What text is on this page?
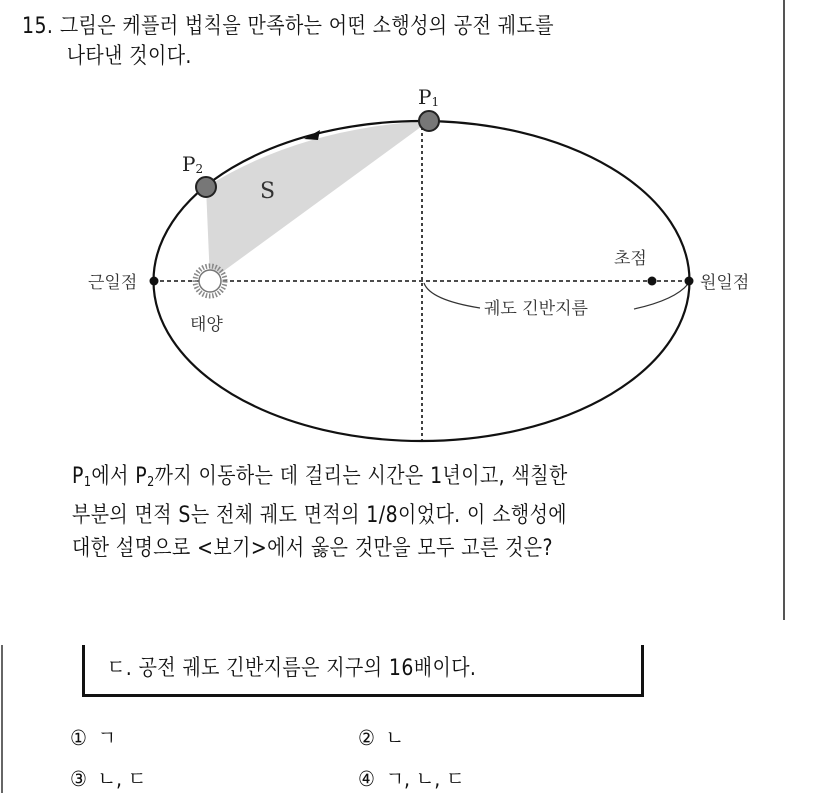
15. 그림은 케플러 법칙을 만족하는 어떤 소행성의 공전 궤도를
나타낸 것이다.
P1
P2
S
근일점	원일점
태양
초점
궤도 긴반지름
$P_1$에서 $P_2$까지 이동하는 데 걸리는 시간은 1년이고, 색칠한
부분의 면적 S는 전체 궤도 면적의 1/8이었다. 이 소행성에
대한 설명으로 <보기>에서 옳은 것만을 모두 고른 것은?
ㄷ. 공전 궤도 긴반지름은 지구의 16배이다.
① ㄱ	② ㄴ
③ ㄴ, ㄷ	④ ㄱ, ㄴ, ㄷ
